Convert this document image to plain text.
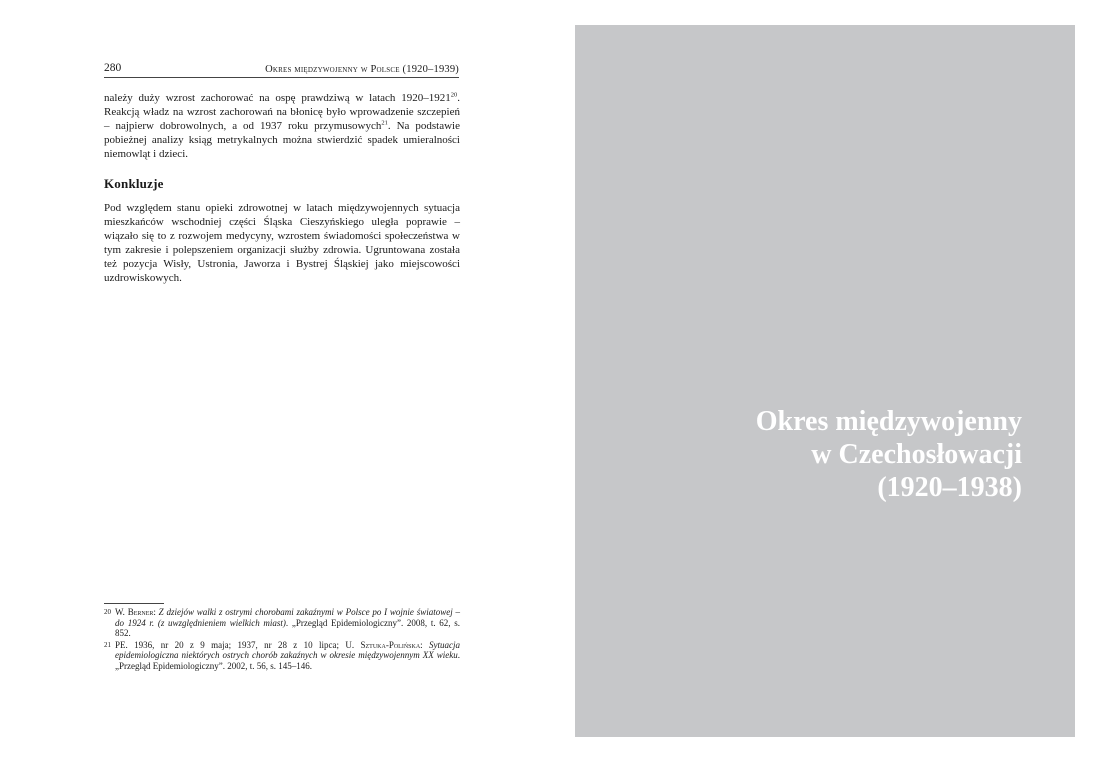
280	Okres międzywojenny w Polsce (1920–1939)

należy duży wzrost zachorować na ospę prawdziwą w latach 1920–1921$^{20}$. Reakcją władz na wzrost zachorowań na błonicę było wprowadzenie szczepień – najpierw dobrowolnych, a od 1937 roku przymusowych$^{21}$. Na podstawie pobieżnej analizy ksiąg metrykalnych można stwierdzić spadek umieralności niemowląt i dzieci.

Konkluzje

Pod względem stanu opieki zdrowotnej w latach międzywojennych sytuacja mieszkańców wschodniej części Śląska Cieszyńskiego uległa poprawie – wiązało się to z rozwojem medycyny, wzrostem świadomości społeczeństwa w tym zakresie i polepszeniem organizacji służby zdrowia. Ugruntowana została też pozycja Wisły, Ustronia, Jaworza i Bystrej Śląskiej jako miejscowości uzdrowiskowych.

20 W. Berner: Z dziejów walki z ostrymi chorobami zakaźnymi w Polsce po I wojnie światowej – do 1924 r. (z uwzględnieniem wielkich miast). „Przegląd Epidemiologiczny”. 2008, t. 62, s. 852.
21 PE. 1936, nr 20 z 9 maja; 1937, nr 28 z 10 lipca; U. Sztuka-Polińska: Sytuacja epidemiologiczna niektórych ostrych chorób zakaźnych w okresie międzywojennym XX wieku. „Przegląd Epidemiologiczny”. 2002, t. 56, s. 145–146.
Okres międzywojenny
w Czechosłowacji
(1920–1938)
